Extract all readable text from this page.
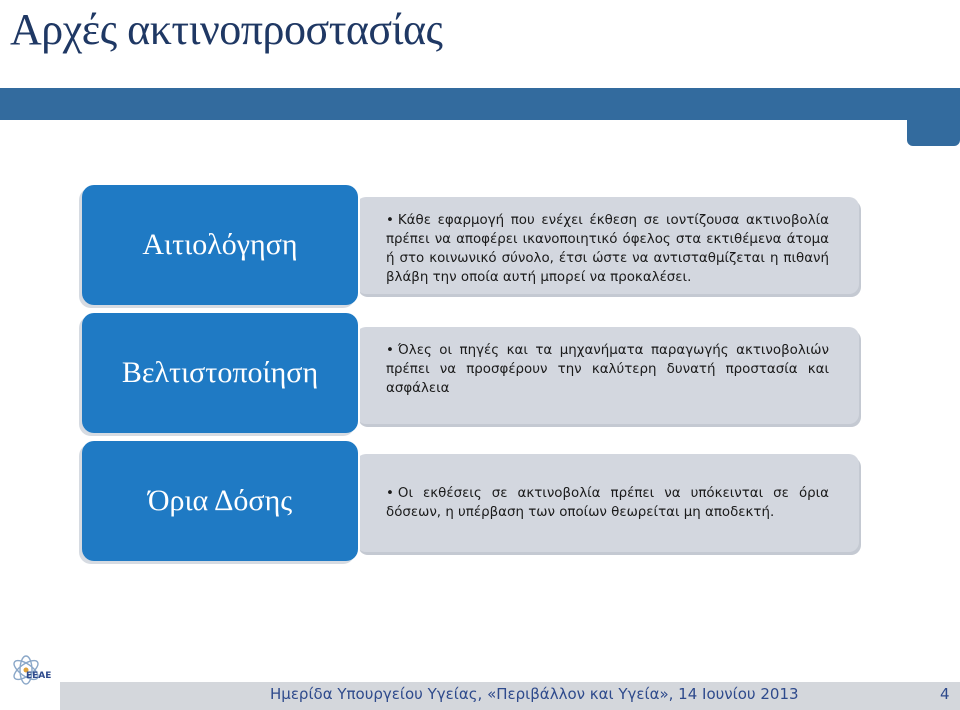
Αρχές ακτινοπροστασίας
• Κάθε εφαρμογή που ενέχει έκθεση σε ιοντίζουσα ακτινοβολία πρέπει να αποφέρει ικανοποιητικό όφελος στα εκτιθέμενα άτομα ή στο κοινωνικό σύνολο, έτσι ώστε να αντισταθμίζεται η πιθανή βλάβη την οποία αυτή μπορεί να προκαλέσει.
Αιτιολόγηση
• Όλες οι πηγές και τα μηχανήματα παραγωγής ακτινοβολιών πρέπει να προσφέρουν την καλύτερη δυνατή προστασία και ασφάλεια
Βελτιστοποίηση
• Οι εκθέσεις σε ακτινοβολία πρέπει να υπόκεινται σε όρια δόσεων, η υπέρβαση των οποίων θεωρείται μη αποδεκτή.
Όρια Δόσης
ΕΕΑΕ
Ημερίδα Υπουργείου Υγείας, «Περιβάλλον και Υγεία», 14 Ιουνίου 2013	4
